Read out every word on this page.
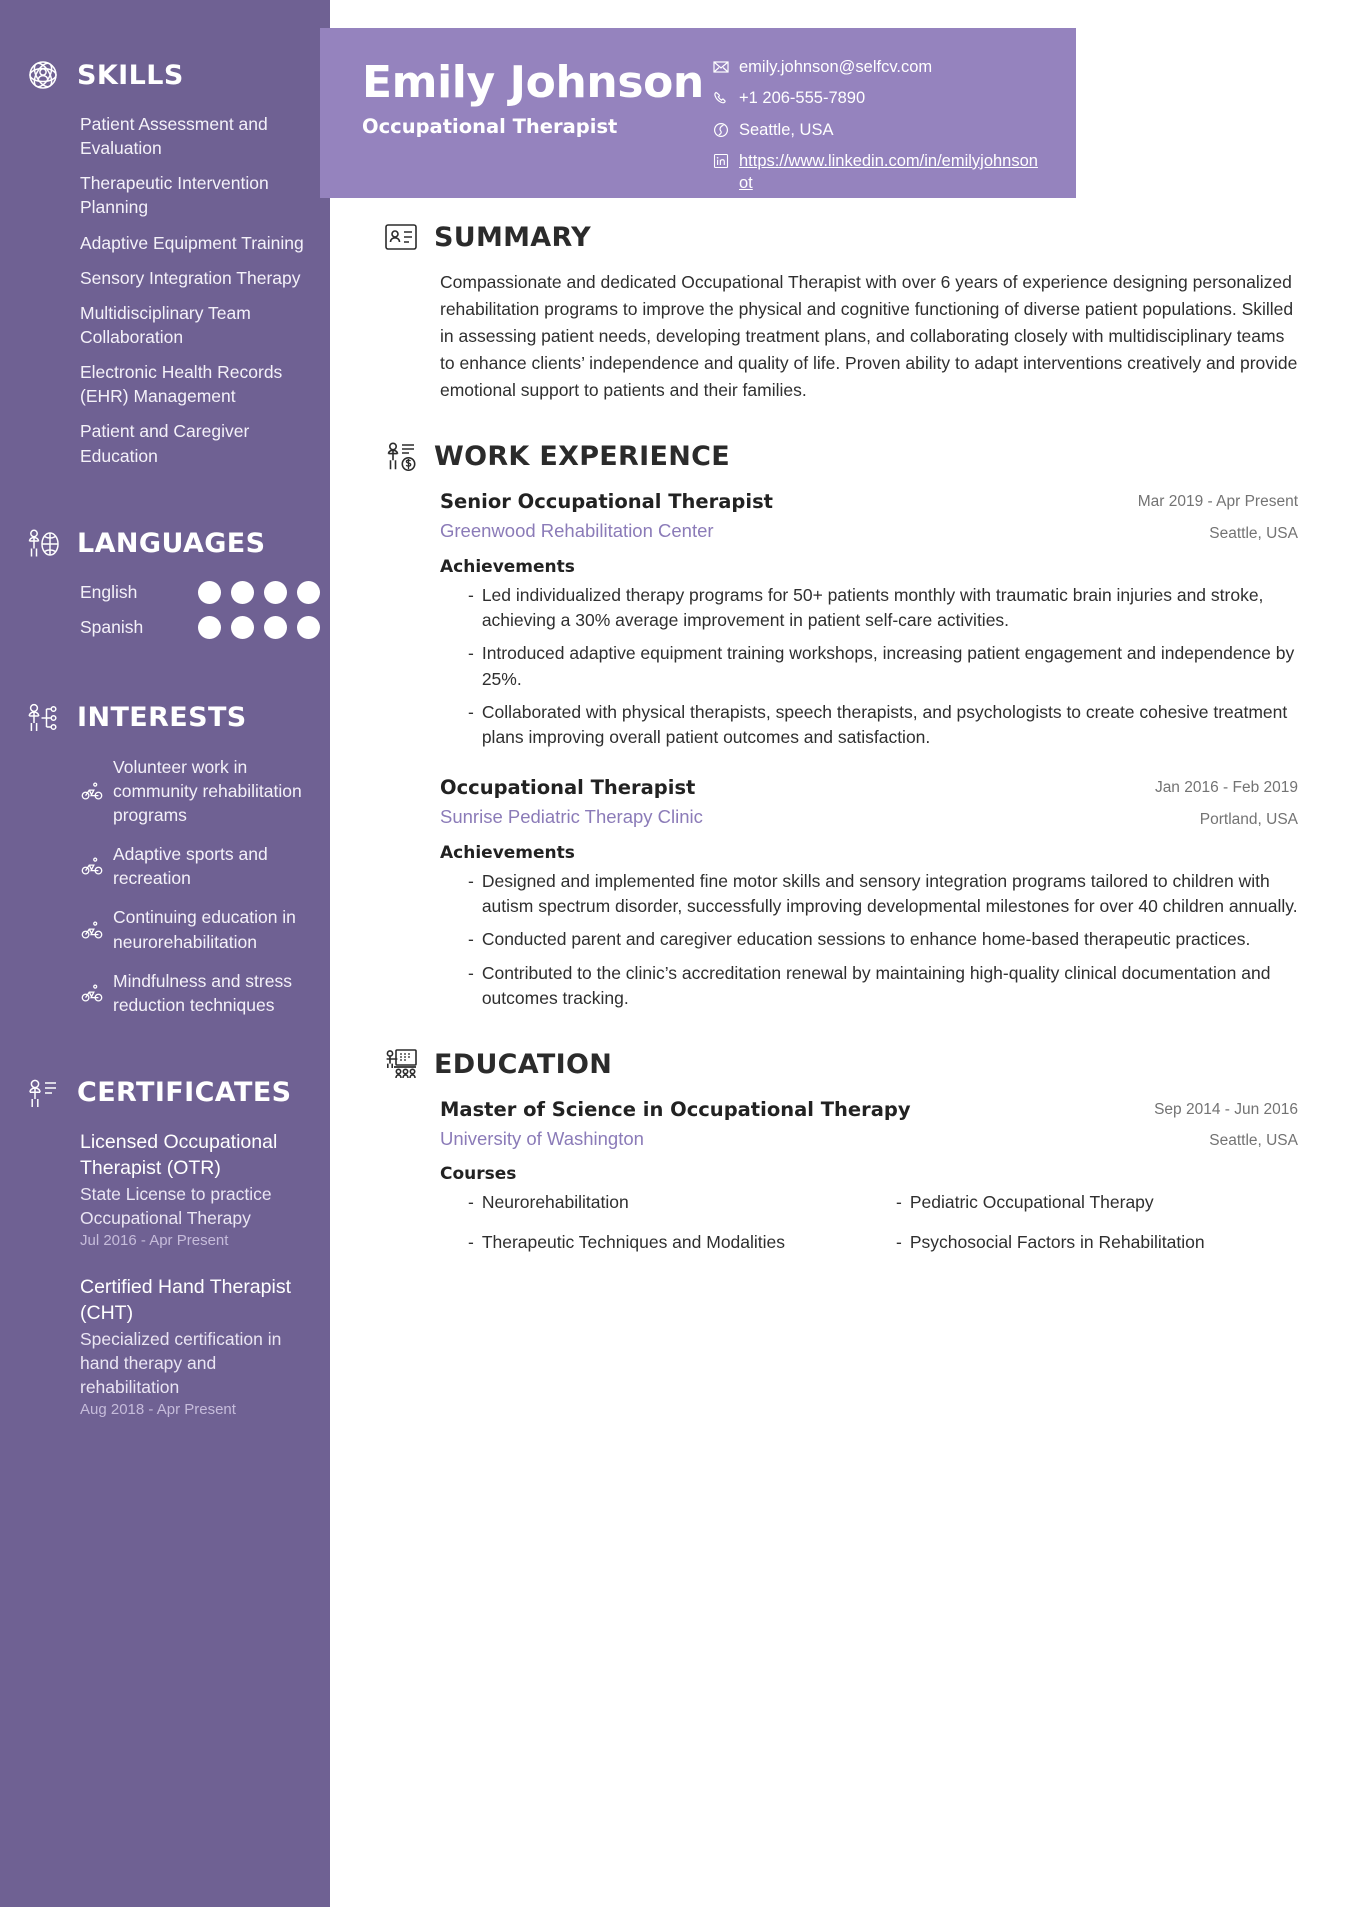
SKILLS
Patient Assessment and Evaluation
Therapeutic Intervention Planning
Adaptive Equipment Training
Sensory Integration Therapy
Multidisciplinary Team Collaboration
Electronic Health Records (EHR) Management
Patient and Caregiver Education
LANGUAGES
English
Spanish
INTERESTS
Volunteer work in community rehabilitation programs
Adaptive sports and recreation
Continuing education in neurorehabilitation
Mindfulness and stress reduction techniques
CERTIFICATES
Licensed Occupational Therapist (OTR)
State License to practice Occupational Therapy
Jul 2016 - Apr Present
Certified Hand Therapist (CHT)
Specialized certification in hand therapy and rehabilitation
Aug 2018 - Apr Present
Emily Johnson
Occupational Therapist
emily.johnson@selfcv.com
+1 206-555-7890
Seattle, USA
https://www.linkedin.com/in/emilyjohnsonot
SUMMARY

Compassionate and dedicated Occupational Therapist with over 6 years of experience designing personalized rehabilitation programs to improve the physical and cognitive functioning of diverse patient populations. Skilled in assessing patient needs, developing treatment plans, and collaborating closely with multidisciplinary teams to enhance clients’ independence and quality of life. Proven ability to adapt interventions creatively and provide emotional support to patients and their families.

WORK EXPERIENCE
Senior Occupational Therapist
Greenwood Rehabilitation Center
Mar 2019 - Apr Present
Seattle, USA
Achievements
- Led individualized therapy programs for 50+ patients monthly with traumatic brain injuries and stroke, achieving a 30% average improvement in patient self-care activities.
- Introduced adaptive equipment training workshops, increasing patient engagement and independence by 25%.
- Collaborated with physical therapists, speech therapists, and psychologists to create cohesive treatment plans improving overall patient outcomes and satisfaction.
Occupational Therapist
Sunrise Pediatric Therapy Clinic
Jan 2016 - Feb 2019
Portland, USA
Achievements
- Designed and implemented fine motor skills and sensory integration programs tailored to children with autism spectrum disorder, successfully improving developmental milestones for over 40 children annually.
- Conducted parent and caregiver education sessions to enhance home-based therapeutic practices.
- Contributed to the clinic’s accreditation renewal by maintaining high-quality clinical documentation and outcomes tracking.
EDUCATION
Master of Science in Occupational Therapy
University of Washington
Sep 2014 - Jun 2016
Seattle, USA
Courses
- Neurorehabilitation	- Pediatric Occupational Therapy
- Therapeutic Techniques and Modalities	- Psychosocial Factors in Rehabilitation
